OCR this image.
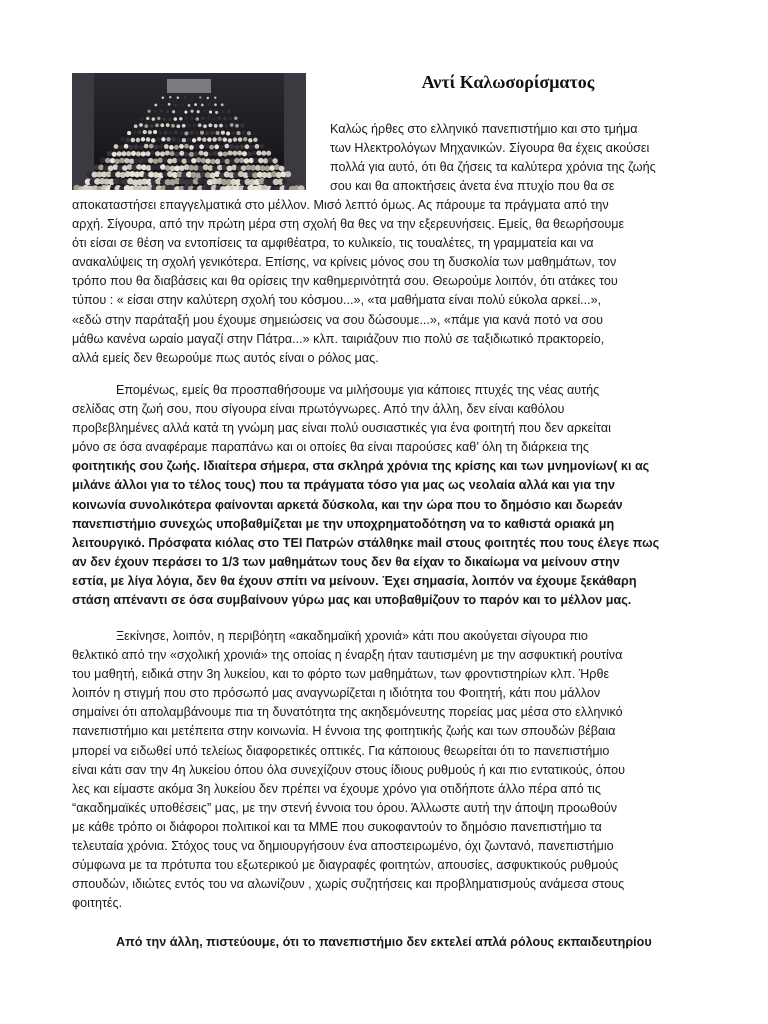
Αντί Καλωσορίσματος
Καλώς ήρθες στο ελληνικό πανεπιστήμιο και στο τμήμα
των Ηλεκτρολόγων Μηχανικών. Σίγουρα θα έχεις ακούσει
πολλά για αυτό, ότι θα ζήσεις τα καλύτερα χρόνια της ζωής
σου και θα αποκτήσεις άνετα ένα πτυχίο που θα σε
αποκαταστήσει επαγγελματικά στο μέλλον. Μισό λεπτό όμως. Ας πάρουμε τα πράγματα από την
αρχή. Σίγουρα, από την πρώτη μέρα στη σχολή θα θες να την εξερευνήσεις. Εμείς, θα θεωρήσουμε
ότι είσαι σε θέση να εντοπίσεις τα αμφιθέατρα, το κυλικείο, τις τουαλέτες, τη γραμματεία και να
ανακαλύψεις τη σχολή γενικότερα. Επίσης, να κρίνεις μόνος σου τη δυσκολία των μαθημάτων, τον
τρόπο που θα διαβάσεις και θα ορίσεις την καθημερινότητά σου. Θεωρούμε λοιπόν, ότι ατάκες του
τύπου : « είσαι στην καλύτερη σχολή του κόσμου...», «τα μαθήματα είναι πολύ εύκολα αρκεί...»,
«εδώ στην παράταξή μου έχουμε σημειώσεις να σου δώσουμε...», «πάμε για κανά ποτό να σου
μάθω κανένα ωραίο μαγαζί στην Πάτρα...» κλπ. ταιριάζουν πιο πολύ σε ταξιδιωτικό πρακτορείο,
αλλά εμείς δεν θεωρούμε πως αυτός είναι ο ρόλος μας.
Επομένως, εμείς θα προσπαθήσουμε να μιλήσουμε για κάποιες πτυχές της νέας αυτής
σελίδας στη ζωή σου, που σίγουρα είναι πρωτόγνωρες. Από την άλλη, δεν είναι καθόλου
προβεβλημένες αλλά κατά τη γνώμη μας είναι πολύ ουσιαστικές για ένα φοιτητή που δεν αρκείται
μόνο σε όσα αναφέραμε παραπάνω και οι οποίες θα είναι παρούσες καθ’ όλη τη διάρκεια της
φοιτητικής σου ζωής. Ιδιαίτερα σήμερα, στα σκληρά χρόνια της κρίσης και των μνημονίων( κι ας
μιλάνε άλλοι για το τέλος τους) που τα πράγματα τόσο για μας ως νεολαία αλλά και για την
κοινωνία συνολικότερα φαίνονται αρκετά δύσκολα, και την ώρα που το δημόσιο και δωρεάν
πανεπιστήμιο συνεχώς υποβαθμίζεται με την υποχρηματοδότηση να το καθιστά οριακά μη
λειτουργικό. Πρόσφατα κιόλας στο ΤΕΙ Πατρών στάλθηκε mail στους φοιτητές που τους έλεγε πως
αν δεν έχουν περάσει το 1/3 των μαθημάτων τους δεν θα είχαν το δικαίωμα να μείνουν στην
εστία, με λίγα λόγια, δεν θα έχουν σπίτι να μείνουν. Έχει σημασία, λοιπόν να έχουμε ξεκάθαρη
στάση απέναντι σε όσα συμβαίνουν γύρω μας και υποβαθμίζουν το παρόν και το μέλλον μας.
Ξεκίνησε, λοιπόν, η περιβόητη «ακαδημαϊκή χρονιά» κάτι που ακούγεται σίγουρα πιο
θελκτικό από την «σχολική χρονιά» της οποίας η έναρξη ήταν ταυτισμένη με την ασφυκτική ρουτίνα
του μαθητή, ειδικά στην 3η λυκείου, και το φόρτο των μαθημάτων, των φροντιστηρίων κλπ. Ήρθε
λοιπόν η στιγμή που στο πρόσωπό μας αναγνωρίζεται η ιδιότητα του Φοιτητή, κάτι που μάλλον
σημαίνει ότι απολαμβάνουμε πια τη δυνατότητα της ακηδεμόνευτης πορείας μας μέσα στο ελληνικό
πανεπιστήμιο και μετέπειτα στην κοινωνία. Η έννοια της φοιτητικής ζωής και των σπουδών βέβαια
μπορεί να ειδωθεί υπό τελείως διαφορετικές οπτικές. Για κάποιους θεωρείται ότι το πανεπιστήμιο
είναι κάτι σαν την 4η λυκείου όπου όλα συνεχίζουν στους ίδιους ρυθμούς ή και πιο εντατικούς, όπου
λες και είμαστε ακόμα 3η λυκείου δεν πρέπει να έχουμε χρόνο για οτιδήποτε άλλο πέρα από τις
“ακαδημαϊκές υποθέσεις” μας, με την στενή έννοια του όρου. Άλλωστε αυτή την άποψη προωθούν
με κάθε τρόπο οι διάφοροι πολιτικοί και τα ΜΜΕ που συκοφαντούν το δημόσιο πανεπιστήμιο τα
τελευταία χρόνια. Στόχος τους να δημιουργήσουν ένα αποστειρωμένο, όχι ζωντανό, πανεπιστήμιο
σύμφωνα με τα πρότυπα του εξωτερικού με διαγραφές φοιτητών, απουσίες, ασφυκτικούς ρυθμούς
σπουδών, ιδιώτες εντός του να αλωνίζουν , χωρίς συζητήσεις και προβληματισμούς ανάμεσα στους
φοιτητές.
Από την άλλη, πιστεύουμε, ότι το πανεπιστήμιο δεν εκτελεί απλά ρόλους εκπαιδευτηρίου
